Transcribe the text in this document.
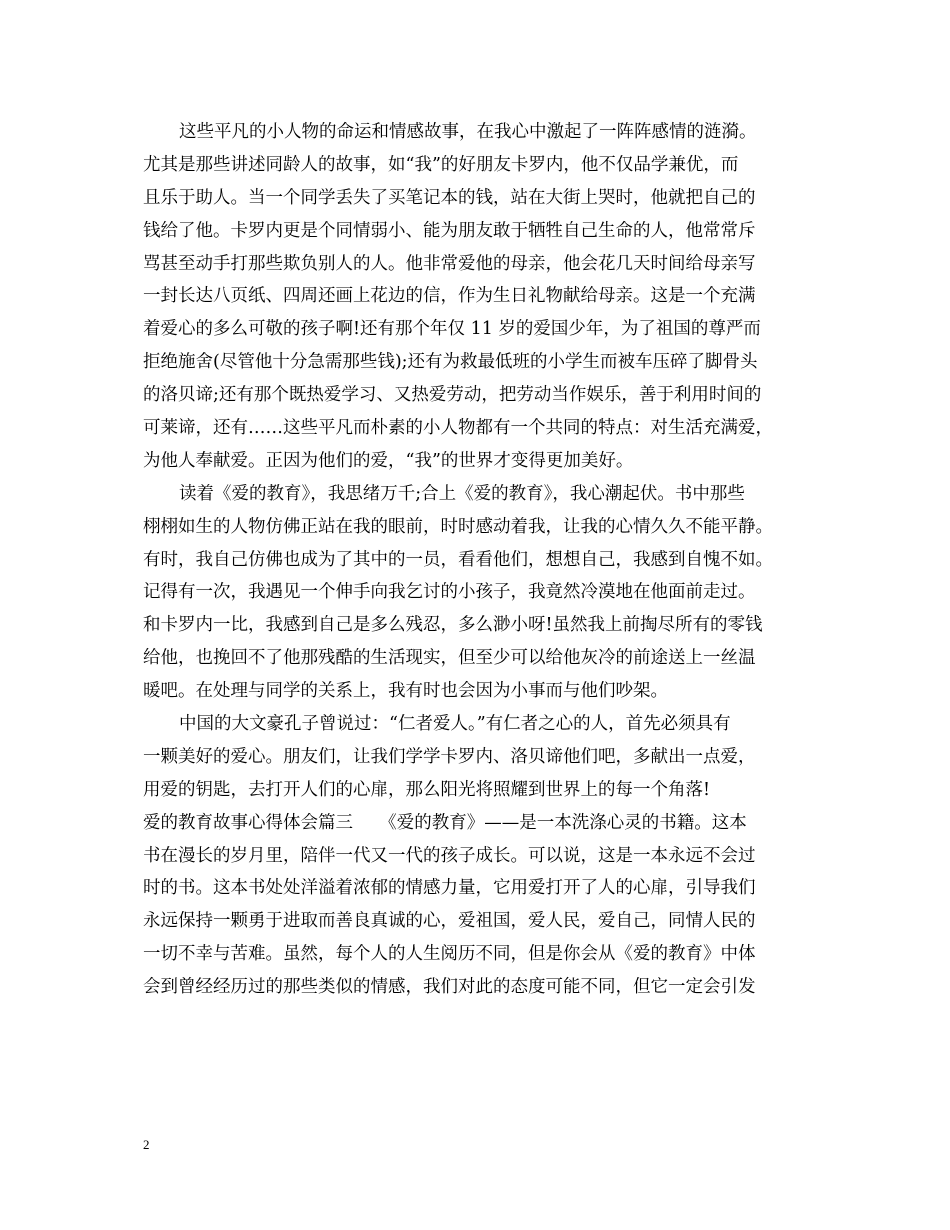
这些平凡的小人物的命运和情感故事，在我心中激起了一阵阵感情的涟漪。
尤其是那些讲述同龄人的故事，如“我”的好朋友卡罗内，他不仅品学兼优，而
且乐于助人。当一个同学丢失了买笔记本的钱，站在大街上哭时，他就把自己的
钱给了他。卡罗内更是个同情弱小、能为朋友敢于牺牲自己生命的人，他常常斥
骂甚至动手打那些欺负别人的人。他非常爱他的母亲，他会花几天时间给母亲写
一封长达八页纸、四周还画上花边的信，作为生日礼物献给母亲。这是一个充满
着爱心的多么可敬的孩子啊!还有那个年仅 11 岁的爱国少年，为了祖国的尊严而
拒绝施舍(尽管他十分急需那些钱);还有为救最低班的小学生而被车压碎了脚骨头
的洛贝谛;还有那个既热爱学习、又热爱劳动，把劳动当作娱乐，善于利用时间的
可莱谛，还有……这些平凡而朴素的小人物都有一个共同的特点：对生活充满爱，
为他人奉献爱。正因为他们的爱，“我”的世界才变得更加美好。
读着《爱的教育》，我思绪万千;合上《爱的教育》，我心潮起伏。书中那些
栩栩如生的人物仿佛正站在我的眼前，时时感动着我，让我的心情久久不能平静。
有时，我自己仿佛也成为了其中的一员，看看他们，想想自己，我感到自愧不如。
记得有一次，我遇见一个伸手向我乞讨的小孩子，我竟然冷漠地在他面前走过。
和卡罗内一比，我感到自己是多么残忍，多么渺小呀!虽然我上前掏尽所有的零钱
给他，也挽回不了他那残酷的生活现实，但至少可以给他灰冷的前途送上一丝温
暖吧。在处理与同学的关系上，我有时也会因为小事而与他们吵架。
中国的大文豪孔子曾说过：“仁者爱人。”有仁者之心的人，首先必须具有
一颗美好的爱心。朋友们，让我们学学卡罗内、洛贝谛他们吧，多献出一点爱，
用爱的钥匙，去打开人们的心扉，那么阳光将照耀到世界上的每一个角落!
爱的教育故事心得体会篇三　　《爱的教育》——是一本洗涤心灵的书籍。这本
书在漫长的岁月里，陪伴一代又一代的孩子成长。可以说，这是一本永远不会过
时的书。这本书处处洋溢着浓郁的情感力量，它用爱打开了人的心扉，引导我们
永远保持一颗勇于进取而善良真诚的心，爱祖国，爱人民，爱自己，同情人民的
一切不幸与苦难。虽然，每个人的人生阅历不同，但是你会从《爱的教育》中体
会到曾经经历过的那些类似的情感，我们对此的态度可能不同，但它一定会引发
2
